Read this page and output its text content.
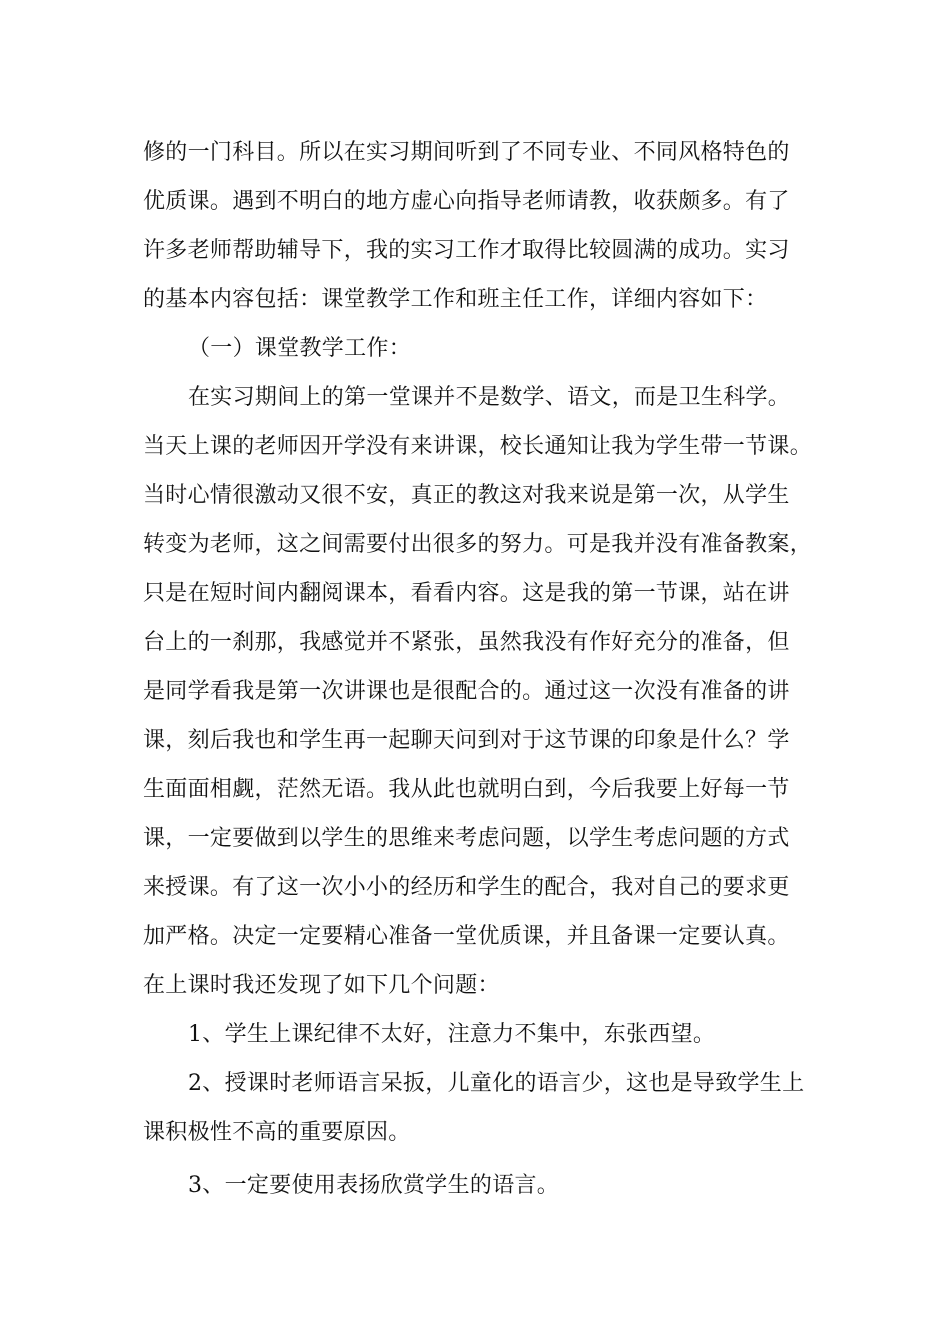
修的一门科目。所以在实习期间听到了不同专业、不同风格特色的
优质课。遇到不明白的地方虚心向指导老师请教，收获颇多。有了
许多老师帮助辅导下，我的实习工作才取得比较圆满的成功。实习
的基本内容包括：课堂教学工作和班主任工作，详细内容如下：

（一）课堂教学工作：

在实习期间上的第一堂课并不是数学、语文，而是卫生科学。
当天上课的老师因开学没有来讲课，校长通知让我为学生带一节课。
当时心情很激动又很不安，真正的教这对我来说是第一次，从学生
转变为老师，这之间需要付出很多的努力。可是我并没有准备教案，
只是在短时间内翻阅课本，看看内容。这是我的第一节课，站在讲
台上的一刹那，我感觉并不紧张，虽然我没有作好充分的准备，但
是同学看我是第一次讲课也是很配合的。通过这一次没有准备的讲
课，刻后我也和学生再一起聊天问到对于这节课的印象是什么？学
生面面相觑，茫然无语。我从此也就明白到，今后我要上好每一节
课，一定要做到以学生的思维来考虑问题，以学生考虑问题的方式
来授课。有了这一次小小的经历和学生的配合，我对自己的要求更
加严格。决定一定要精心准备一堂优质课，并且备课一定要认真。
在上课时我还发现了如下几个问题：

1、学生上课纪律不太好，注意力不集中，东张西望。

2、授课时老师语言呆扳，儿童化的语言少，这也是导致学生上
课积极性不高的重要原因。

3、一定要使用表扬欣赏学生的语言。
